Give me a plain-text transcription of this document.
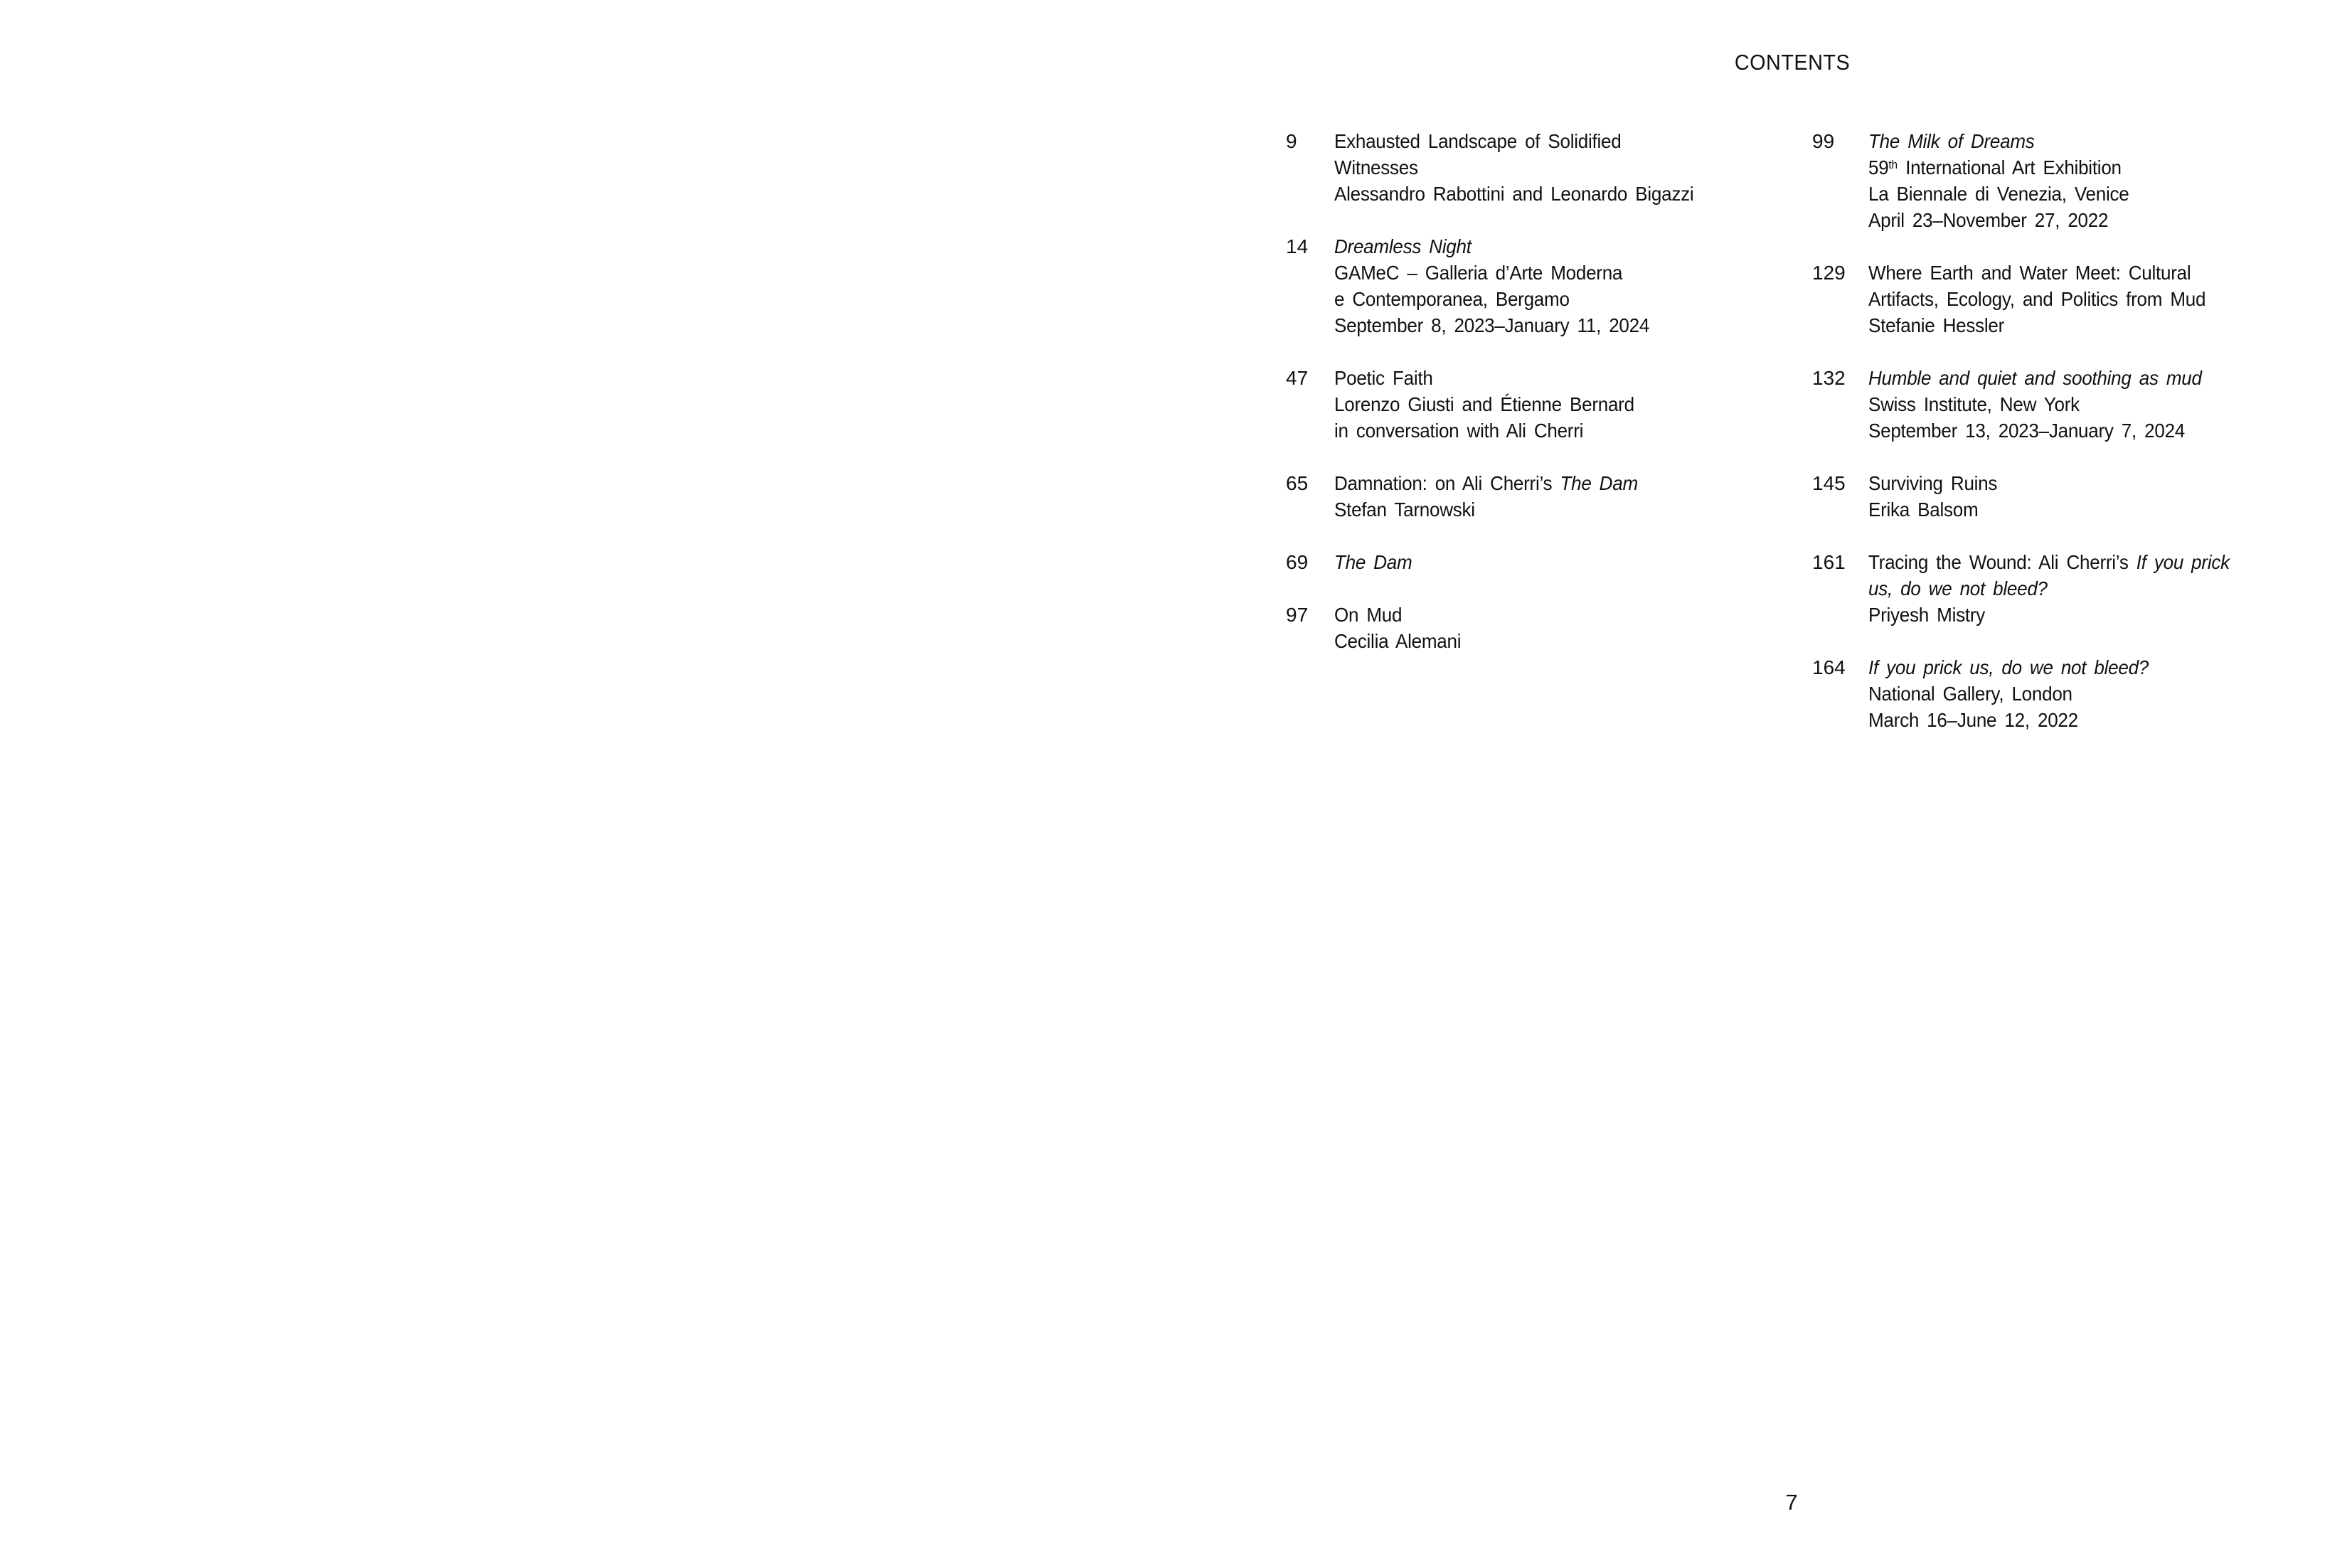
CONTENTS
9	Exhausted Landscape of Solidified
Witnesses
Alessandro Rabottini and Leonardo Bigazzi
14	Dreamless Night
GAMeC – Galleria d’Arte Moderna
e Contemporanea, Bergamo
September 8, 2023–January 11, 2024
47	Poetic Faith
Lorenzo Giusti and Étienne Bernard
in conversation with Ali Cherri
65	Damnation: on Ali Cherri’s The Dam
Stefan Tarnowski
69	The Dam
97	On Mud
Cecilia Alemani
99	The Milk of Dreams
59th International Art Exhibition
La Biennale di Venezia, Venice
April 23–November 27, 2022
129	Where Earth and Water Meet: Cultural
Artifacts, Ecology, and Politics from Mud
Stefanie Hessler
132	Humble and quiet and soothing as mud
Swiss Institute, New York
September 13, 2023–January 7, 2024
145	Surviving Ruins
Erika Balsom
161	Tracing the Wound: Ali Cherri’s If you prick
us, do we not bleed?
Priyesh Mistry
164	If you prick us, do we not bleed?
National Gallery, London
March 16–June 12, 2022
7
